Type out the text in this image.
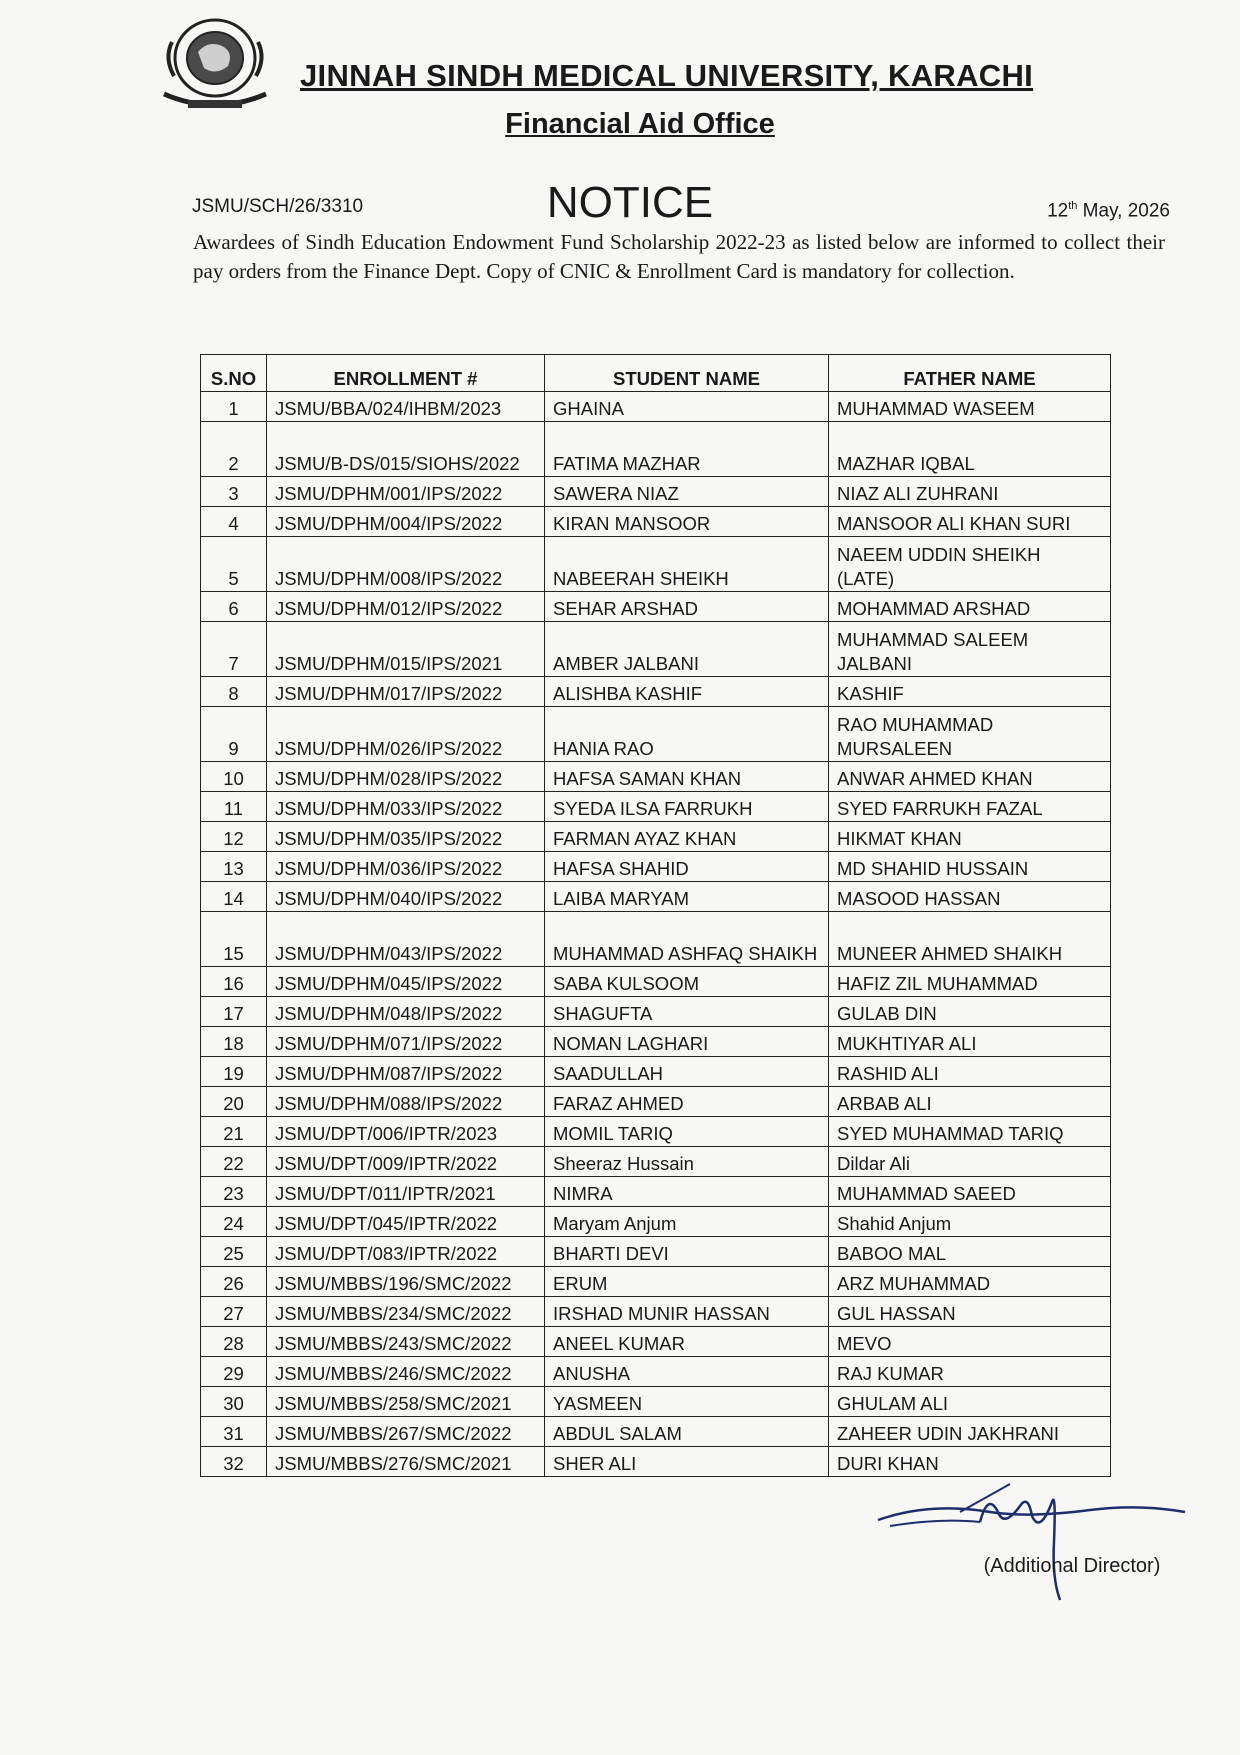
JINNAH SINDH MEDICAL UNIVERSITY, KARACHI
Financial Aid Office
JSMU/SCH/26/3310	NOTICE	12th May, 2026
Awardees of Sindh Education Endowment Fund Scholarship 2022-23 as listed below are informed to collect their pay orders from the Finance Dept. Copy of CNIC & Enrollment Card is mandatory for collection.
S.NO	ENROLLMENT #	STUDENT NAME	FATHER NAME
1	JSMU/BBA/024/IHBM/2023	GHAINA	MUHAMMAD WASEEM
2	JSMU/B-DS/015/SIOHS/2022	FATIMA MAZHAR	MAZHAR IQBAL
3	JSMU/DPHM/001/IPS/2022	SAWERA NIAZ	NIAZ ALI ZUHRANI
4	JSMU/DPHM/004/IPS/2022	KIRAN MANSOOR	MANSOOR ALI KHAN SURI
5	JSMU/DPHM/008/IPS/2022	NABEERAH SHEIKH	NAEEM UDDIN SHEIKH (LATE)
6	JSMU/DPHM/012/IPS/2022	SEHAR ARSHAD	MOHAMMAD ARSHAD
7	JSMU/DPHM/015/IPS/2021	AMBER JALBANI	MUHAMMAD SALEEM JALBANI
8	JSMU/DPHM/017/IPS/2022	ALISHBA KASHIF	KASHIF
9	JSMU/DPHM/026/IPS/2022	HANIA RAO	RAO MUHAMMAD MURSALEEN
10	JSMU/DPHM/028/IPS/2022	HAFSA SAMAN KHAN	ANWAR AHMED KHAN
11	JSMU/DPHM/033/IPS/2022	SYEDA ILSA FARRUKH	SYED FARRUKH FAZAL
12	JSMU/DPHM/035/IPS/2022	FARMAN AYAZ KHAN	HIKMAT KHAN
13	JSMU/DPHM/036/IPS/2022	HAFSA SHAHID	MD SHAHID HUSSAIN
14	JSMU/DPHM/040/IPS/2022	LAIBA MARYAM	MASOOD HASSAN
15	JSMU/DPHM/043/IPS/2022	MUHAMMAD ASHFAQ SHAIKH	MUNEER AHMED SHAIKH
16	JSMU/DPHM/045/IPS/2022	SABA KULSOOM	HAFIZ ZIL MUHAMMAD
17	JSMU/DPHM/048/IPS/2022	SHAGUFTA	GULAB DIN
18	JSMU/DPHM/071/IPS/2022	NOMAN LAGHARI	MUKHTIYAR ALI
19	JSMU/DPHM/087/IPS/2022	SAADULLAH	RASHID ALI
20	JSMU/DPHM/088/IPS/2022	FARAZ AHMED	ARBAB ALI
21	JSMU/DPT/006/IPTR/2023	MOMIL TARIQ	SYED MUHAMMAD TARIQ
22	JSMU/DPT/009/IPTR/2022	Sheeraz Hussain	Dildar Ali
23	JSMU/DPT/011/IPTR/2021	NIMRA	MUHAMMAD SAEED
24	JSMU/DPT/045/IPTR/2022	Maryam Anjum	Shahid Anjum
25	JSMU/DPT/083/IPTR/2022	BHARTI DEVI	BABOO MAL
26	JSMU/MBBS/196/SMC/2022	ERUM	ARZ MUHAMMAD
27	JSMU/MBBS/234/SMC/2022	IRSHAD MUNIR HASSAN	GUL HASSAN
28	JSMU/MBBS/243/SMC/2022	ANEEL KUMAR	MEVO
29	JSMU/MBBS/246/SMC/2022	ANUSHA	RAJ KUMAR
30	JSMU/MBBS/258/SMC/2021	YASMEEN	GHULAM ALI
31	JSMU/MBBS/267/SMC/2022	ABDUL SALAM	ZAHEER UDIN JAKHRANI
32	JSMU/MBBS/276/SMC/2021	SHER ALI	DURI KHAN
(Additional Director)
